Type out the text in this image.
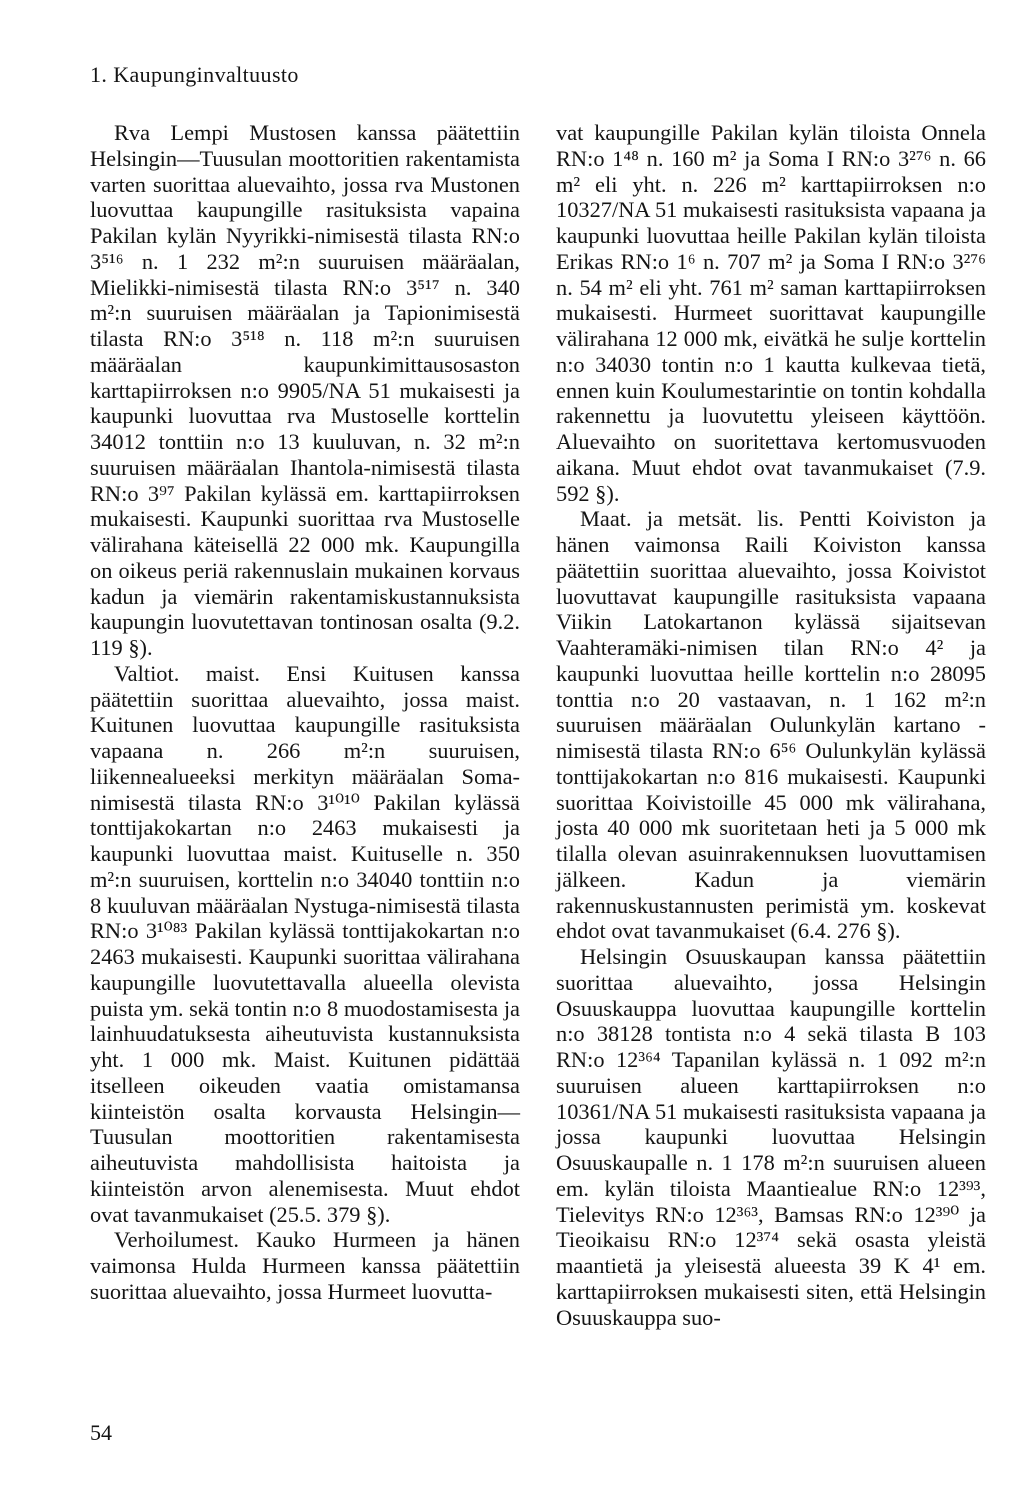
1. Kaupunginvaltuusto

Rva Lempi Mustosen kanssa päätettiin Helsingin—Tuusulan moottoritien rakentamista varten suorittaa aluevaihto, jossa rva Mustonen luovuttaa kaupungille rasituksista vapaina Pakilan kylän Nyyrikki-nimisestä tilasta RN:o 3⁵¹⁶ n. 1 232 m²:n suuruisen määräalan, Mielikki-nimisestä tilasta RN:o 3⁵¹⁷ n. 340 m²:n suuruisen määräalan ja Tapionimisestä tilasta RN:o 3⁵¹⁸ n. 118 m²:n suuruisen määräalan kaupunkimittausosaston karttapiirroksen n:o 9905/NA 51 mukaisesti ja kaupunki luovuttaa rva Mustoselle korttelin 34012 tonttiin n:o 13 kuuluvan, n. 32 m²:n suuruisen määräalan Ihantola-nimisestä tilasta RN:o 3⁹⁷ Pakilan kylässä em. karttapiirroksen mukaisesti. Kaupunki suorittaa rva Mustoselle välirahana käteisellä 22 000 mk. Kaupungilla on oikeus periä rakennuslain mukainen korvaus kadun ja viemärin rakentamiskustannuksista kaupungin luovutettavan tontinosan osalta (9.2. 119 §).

Valtiot. maist. Ensi Kuitusen kanssa päätettiin suorittaa aluevaihto, jossa maist. Kuitunen luovuttaa kaupungille rasituksista vapaana n. 266 m²:n suuruisen, liikennealueeksi merkityn määräalan Soma-nimisestä tilasta RN:o 3¹⁰¹⁰ Pakilan kylässä tonttijakokartan n:o 2463 mukaisesti ja kaupunki luovuttaa maist. Kuituselle n. 350 m²:n suuruisen, korttelin n:o 34040 tonttiin n:o 8 kuuluvan määräalan Nystuga-nimisestä tilasta RN:o 3¹⁰⁸³ Pakilan kylässä tonttijakokartan n:o 2463 mukaisesti. Kaupunki suorittaa välirahana kaupungille luovutettavalla alueella olevista puista ym. sekä tontin n:o 8 muodostamisesta ja lainhuudatuksesta aiheutuvista kustannuksista yht. 1 000 mk. Maist. Kuitunen pidättää itselleen oikeuden vaatia omistamansa kiinteistön osalta korvausta Helsingin—Tuusulan moottoritien rakentamisesta aiheutuvista mahdollisista haitoista ja kiinteistön arvon alenemisesta. Muut ehdot ovat tavanmukaiset (25.5. 379 §).

Verhoilumest. Kauko Hurmeen ja hänen vaimonsa Hulda Hurmeen kanssa päätettiin suorittaa aluevaihto, jossa Hurmeet luovutta-

vat kaupungille Pakilan kylän tiloista Onnela RN:o 1⁴⁸ n. 160 m² ja Soma I RN:o 3²⁷⁶ n. 66 m² eli yht. n. 226 m² karttapiirroksen n:o 10327/NA 51 mukaisesti rasituksista vapaana ja kaupunki luovuttaa heille Pakilan kylän tiloista Erikas RN:o 1⁶ n. 707 m² ja Soma I RN:o 3²⁷⁶ n. 54 m² eli yht. 761 m² saman karttapiirroksen mukaisesti. Hurmeet suorittavat kaupungille välirahana 12 000 mk, eivätkä he sulje korttelin n:o 34030 tontin n:o 1 kautta kulkevaa tietä, ennen kuin Koulumestarintie on tontin kohdalla rakennettu ja luovutettu yleiseen käyttöön. Aluevaihto on suoritettava kertomusvuoden aikana. Muut ehdot ovat tavanmukaiset (7.9. 592 §).

Maat. ja metsät. lis. Pentti Koiviston ja hänen vaimonsa Raili Koiviston kanssa päätettiin suorittaa aluevaihto, jossa Koivistot luovuttavat kaupungille rasituksista vapaana Viikin Latokartanon kylässä sijaitsevan Vaahteramäki-nimisen tilan RN:o 4² ja kaupunki luovuttaa heille korttelin n:o 28095 tonttia n:o 20 vastaavan, n. 1 162 m²:n suuruisen määräalan Oulunkylän kartano -nimisestä tilasta RN:o 6⁵⁶ Oulunkylän kylässä tonttijakokartan n:o 816 mukaisesti. Kaupunki suorittaa Koivistoille 45 000 mk välirahana, josta 40 000 mk suoritetaan heti ja 5 000 mk tilalla olevan asuinrakennuksen luovuttamisen jälkeen. Kadun ja viemärin rakennuskustannusten perimistä ym. koskevat ehdot ovat tavanmukaiset (6.4. 276 §).

Helsingin Osuuskaupan kanssa päätettiin suorittaa aluevaihto, jossa Helsingin Osuuskauppa luovuttaa kaupungille korttelin n:o 38128 tontista n:o 4 sekä tilasta B 103 RN:o 12³⁶⁴ Tapanilan kylässä n. 1 092 m²:n suuruisen alueen karttapiirroksen n:o 10361/NA 51 mukaisesti rasituksista vapaana ja jossa kaupunki luovuttaa Helsingin Osuuskaupalle n. 1 178 m²:n suuruisen alueen em. kylän tiloista Maantiealue RN:o 12³⁹³, Tielevitys RN:o 12³⁶³, Bamsas RN:o 12³⁹⁰ ja Tieoikaisu RN:o 12³⁷⁴ sekä osasta yleistä maantietä ja yleisestä alueesta 39 K 4¹ em. karttapiirroksen mukaisesti siten, että Helsingin Osuuskauppa suo-

54
